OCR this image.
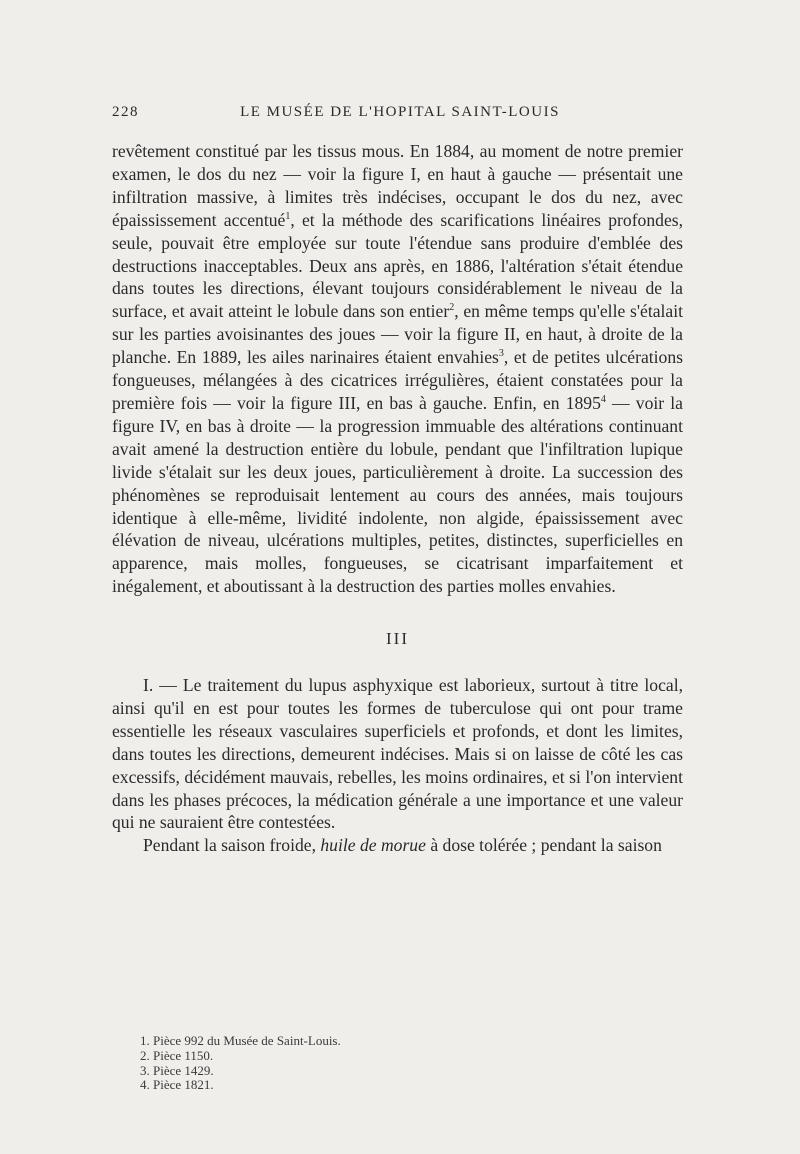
228	LE MUSÉE DE L'HOPITAL SAINT-LOUIS

revêtement constitué par les tissus mous. En 1884, au moment de notre premier examen, le dos du nez — voir la figure I, en haut à gauche — présentait une infiltration massive, à limites très indécises, occupant le dos du nez, avec épaississement accentué$^1$, et la méthode des scarifications linéaires profondes, seule, pouvait être employée sur toute l'étendue sans produire d'emblée des destructions inacceptables. Deux ans après, en 1886, l'altération s'était étendue dans toutes les directions, élevant toujours considérablement le niveau de la surface, et avait atteint le lobule dans son entier$^2$, en même temps qu'elle s'étalait sur les parties avoisinantes des joues — voir la figure II, en haut, à droite de la planche. En 1889, les ailes narinaires étaient envahies$^3$, et de petites ulcérations fongueuses, mélangées à des cicatrices irrégulières, étaient constatées pour la première fois — voir la figure III, en bas à gauche. Enfin, en 1895$^4$ — voir la figure IV, en bas à droite — la progression immuable des altérations continuant avait amené la destruction entière du lobule, pendant que l'infiltration lupique livide s'étalait sur les deux joues, particulièrement à droite. La succession des phénomènes se reproduisait lentement au cours des années, mais toujours identique à elle-même, lividité indolente, non algide, épaississement avec élévation de niveau, ulcérations multiples, petites, distinctes, superficielles en apparence, mais molles, fongueuses, se cicatrisant imparfaitement et inégalement, et aboutissant à la destruction des parties molles envahies.

III

I. — Le traitement du lupus asphyxique est laborieux, surtout à titre local, ainsi qu'il en est pour toutes les formes de tuberculose qui ont pour trame essentielle les réseaux vasculaires superficiels et profonds, et dont les limites, dans toutes les directions, demeurent indécises. Mais si on laisse de côté les cas excessifs, décidément mauvais, rebelles, les moins ordinaires, et si l'on intervient dans les phases précoces, la médication générale a une importance et une valeur qui ne sauraient être contestées.

Pendant la saison froide, huile de morue à dose tolérée ; pendant la saison

1. Pièce 992 du Musée de Saint-Louis.
2. Pièce 1150.
3. Pièce 1429.
4. Pièce 1821.
